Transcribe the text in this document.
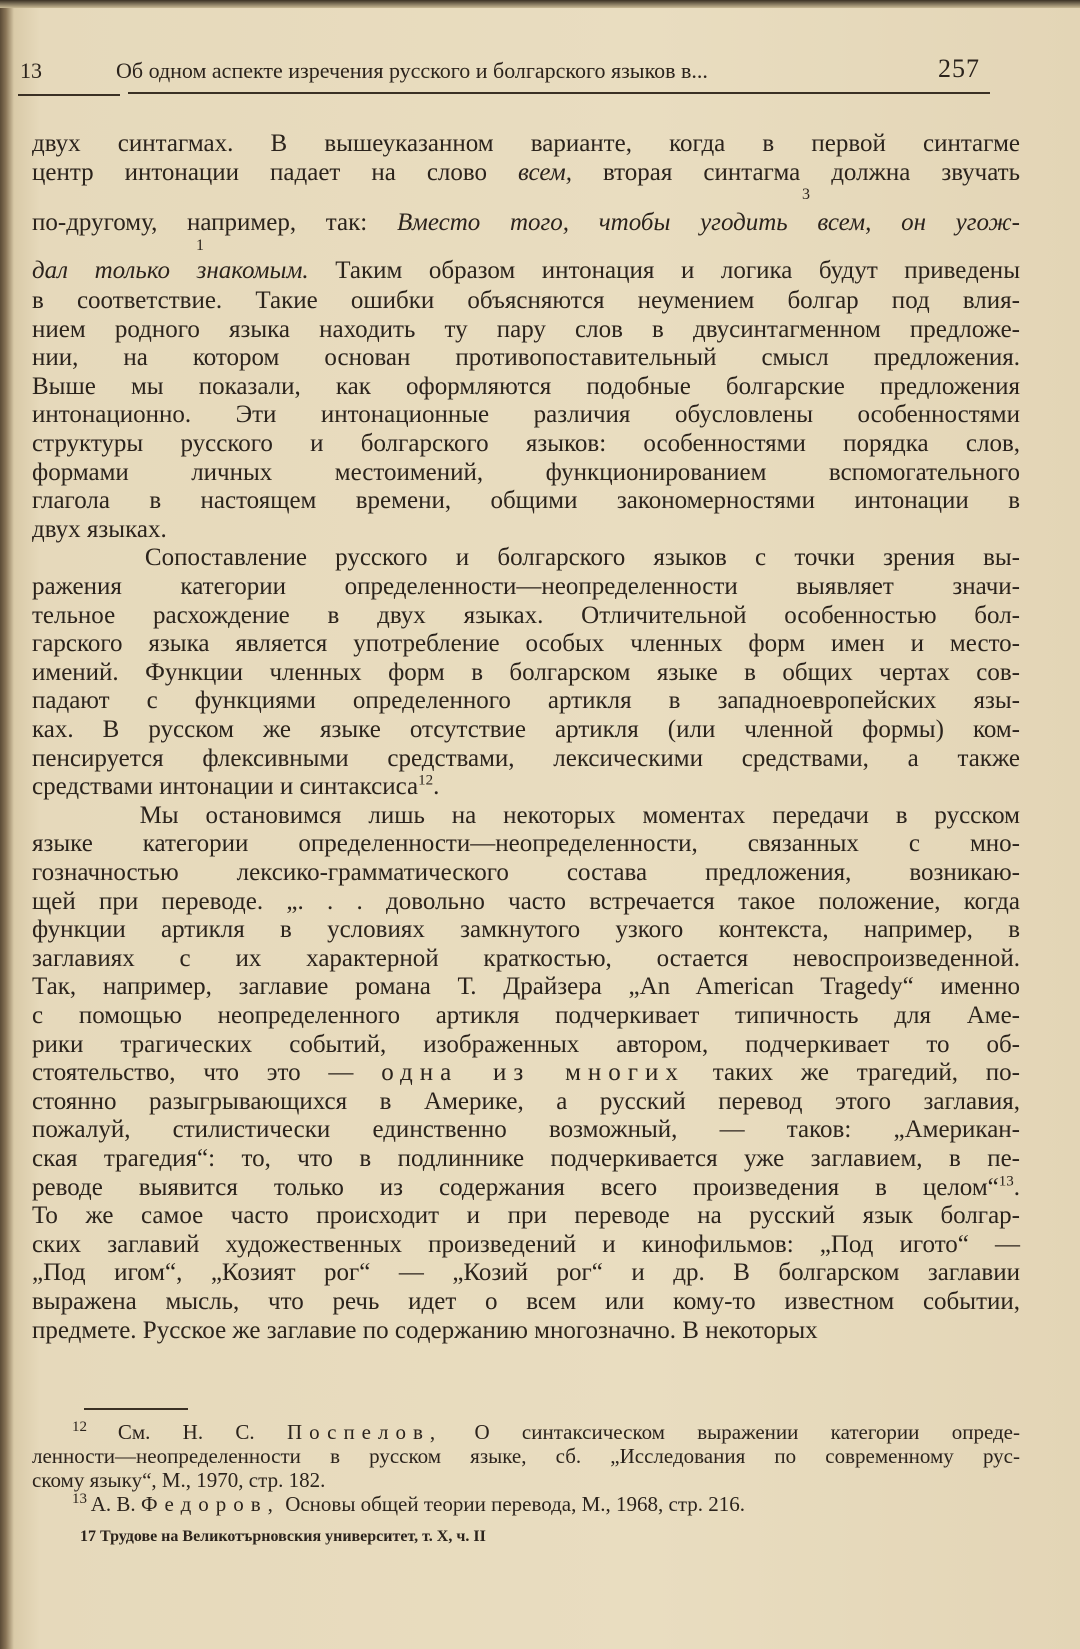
13	Об одном аспекте изречения русского и болгарского языков в...	257
двух синтагмах. В вышеуказанном варианте, когда в первой синтагме
центр интонации падает на слово всем, вторая синтагма должна звучать
по-другому, например, так: Вместо того, чтобы угодить всем, он угож-
дал только знакомым. Таким образом интонация и логика будут приведены
в соответствие. Такие ошибки объясняются неумением болгар под влия-
нием родного языка находить ту пару слов в двусинтагменном предложе-
нии, на котором основан противопоставительный смысл предложения.
Выше мы показали, как оформляются подобные болгарские предложения
интонационно. Эти интонационные различия обусловлены особенностями
структуры русского и болгарского языков: особенностями порядка слов,
формами личных местоимений, функционированием вспомогательного
глагола в настоящем времени, общими закономерностями интонации в
двух языках.
Сопоставление русского и болгарского языков с точки зрения вы-
ражения категории определенности—неопределенности выявляет значи-
тельное расхождение в двух языках. Отличительной особенностью бол-
гарского языка является употребление особых членных форм имен и место-
имений. Функции членных форм в болгарском языке в общих чертах сов-
падают с функциями определенного артикля в западноевропейских язы-
ках. В русском же языке отсутствие артикля (или членной формы) ком-
пенсируется флексивными средствами, лексическими средствами, а также
средствами интонации и синтаксиса$^{12}$.
Мы остановимся лишь на некоторых моментах передачи в русском
языке категории определенности—неопределенности, связанных с мно-
гозначностью лексико-грамматического состава предложения, возникаю-
щей при переводе. „. . . довольно часто встречается такое положение, когда
функции артикля в условиях замкнутого узкого контекста, например, в
заглавиях с их характерной краткостью, остается невоспроизведенной.
Так, например, заглавие романа Т. Драйзера „An American Tragedy“ именно
с помощью неопределенного артикля подчеркивает типичность для Аме-
рики трагических событий, изображенных автором, подчеркивает то об-
стоятельство, что это — одна из многих таких же трагедий, по-
стоянно разыгрывающихся в Америке, а русский перевод этого заглавия,
пожалуй, стилистически единственно возможный, — таков: „Американ-
ская трагедия“: то, что в подлиннике подчеркивается уже заглавием, в пе-
реводе выявится только из содержания всего произведения в целом“$^{13}$.
То же самое часто происходит и при переводе на русский язык болгар-
ских заглавий художественных произведений и кинофильмов: „Под игото“ —
„Под игом“, „Козият рог“ — „Козий рог“ и др. В болгарском заглавии
выражена мысль, что речь идет о всем или кому-то известном событии,
предмете. Русское же заглавие по содержанию многозначно. В некоторых
3
1
$^{12}$ См. Н. С. Поспелов, О синтаксическом выражении категории опреде-
ленности—неопределенности в русском языке, сб. „Исследования по современному рус-
скому языку“, М., 1970, стр. 182.
$^{13}$ А. В. Федоров, Основы общей теории перевода, М., 1968, стр. 216.
17 Трудове на Великотърновския университет, т. X, ч. II
